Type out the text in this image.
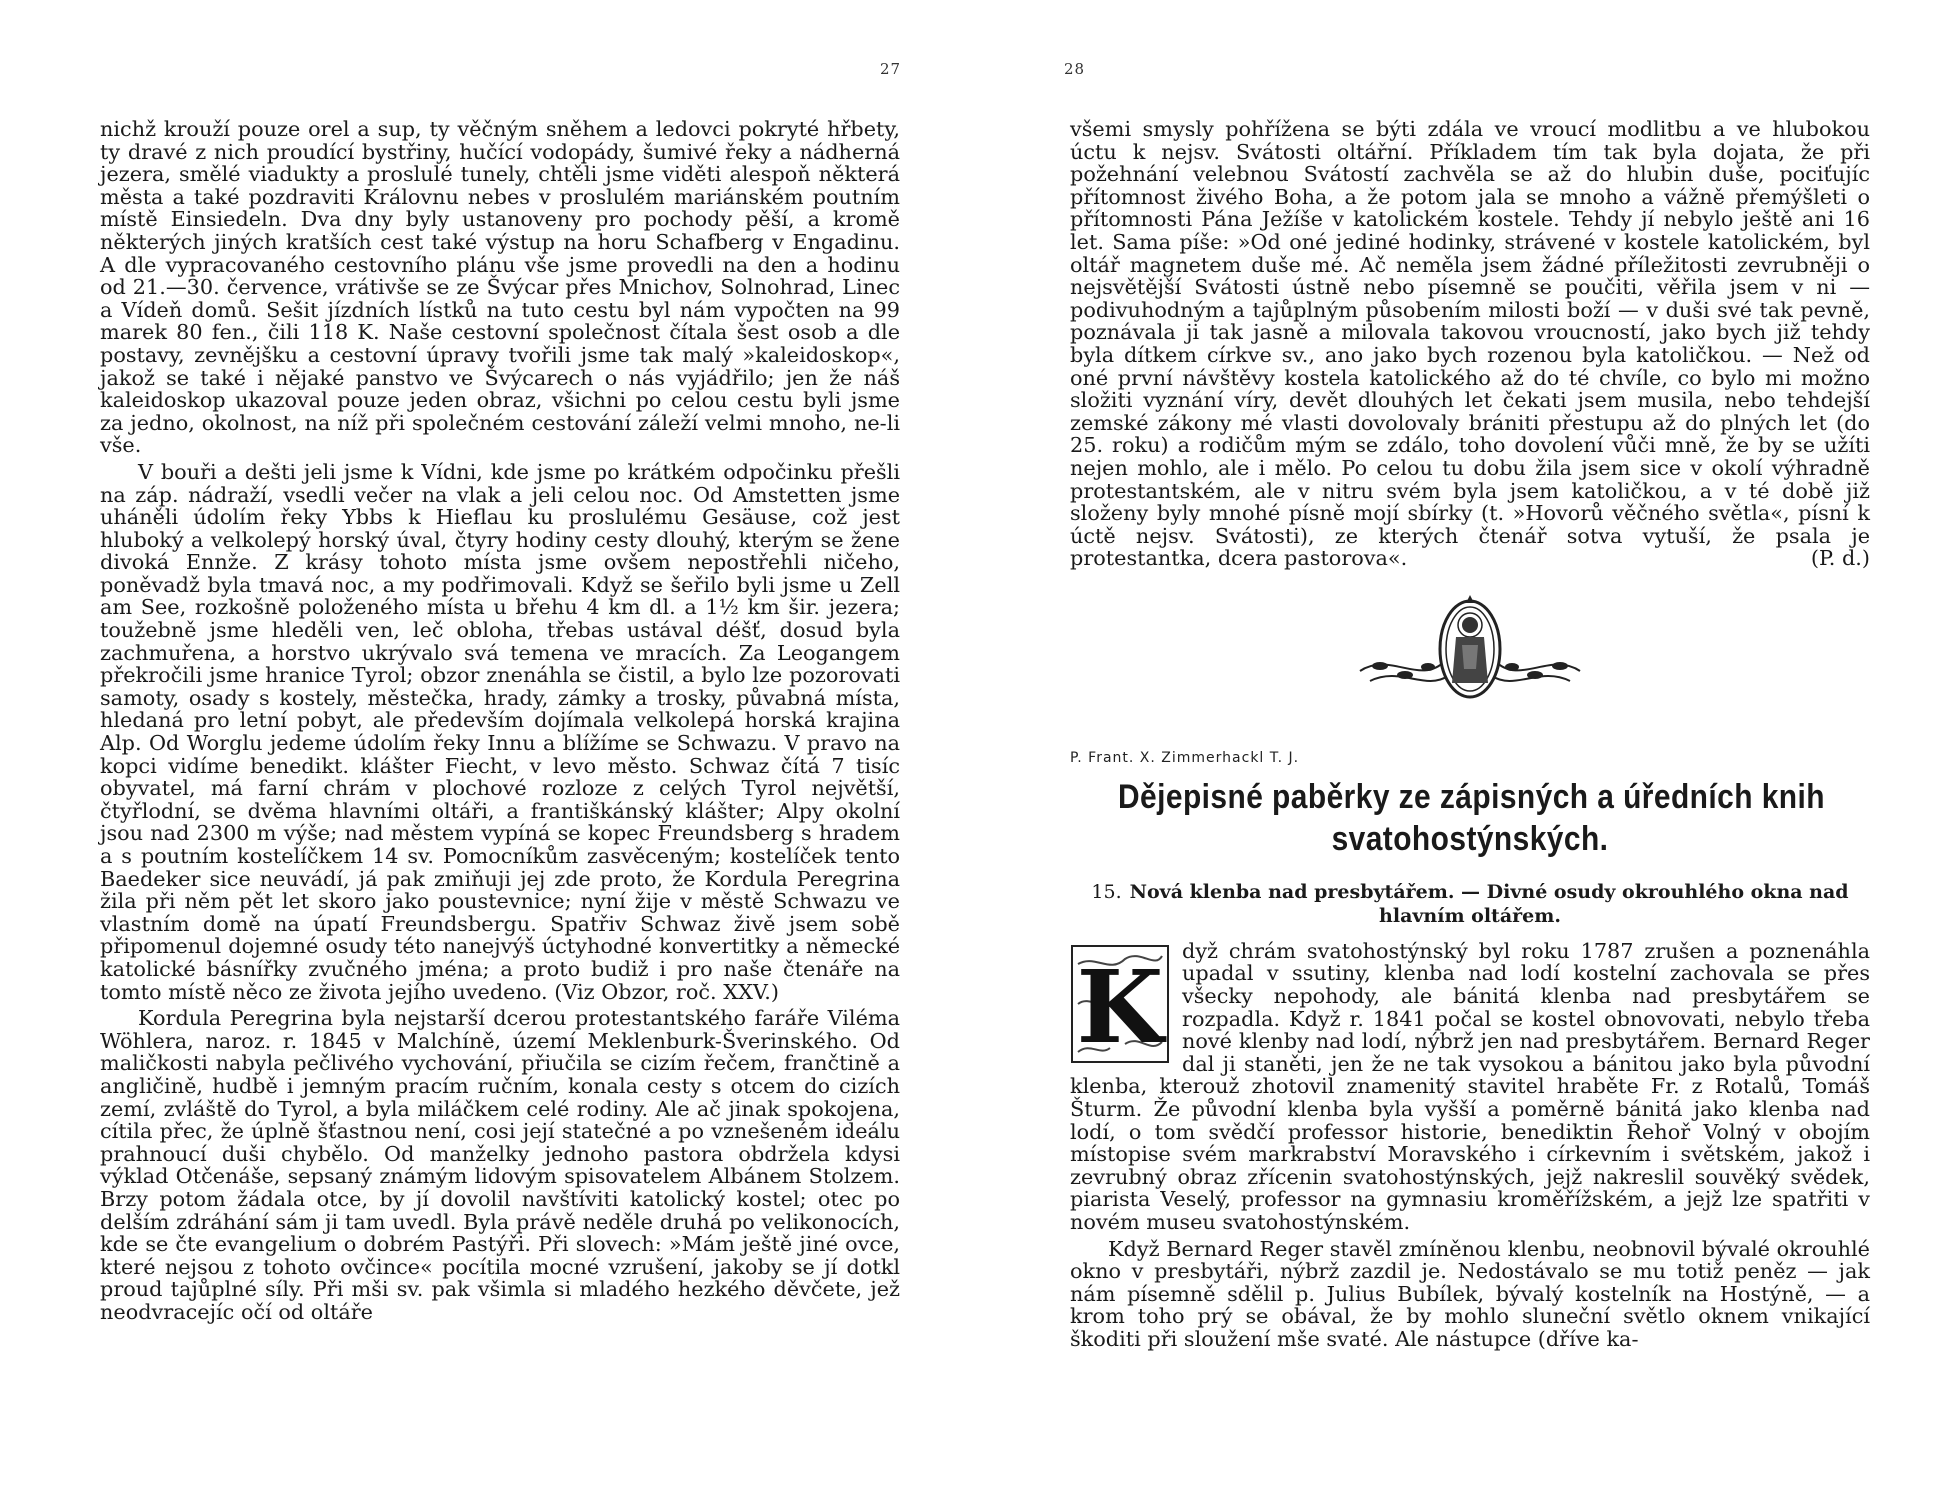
27

nichž krouží pouze orel a sup, ty věčným sněhem a ledovci pokryté hřbety, ty dravé z nich proudící bystřiny, hučící vodopády, šumivé řeky a nádherná jezera, smělé viadukty a proslulé tunely, chtěli jsme viděti alespoň některá města a také pozdraviti Královnu nebes v proslulém mariánském poutním místě Einsiedeln. Dva dny byly ustanoveny pro pochody pěší, a kromě některých jiných kratších cest také výstup na horu Schafberg v Engadinu. A dle vypracovaného cestovního plánu vše jsme provedli na den a hodinu od 21.—30. července, vrátivše se ze Švýcar přes Mnichov, Solnohrad, Linec a Vídeň domů. Sešit jízdních lístků na tuto cestu byl nám vypočten na 99 marek 80 fen., čili 118 K. Naše cestovní společnost čítala šest osob a dle postavy, zevnějšku a cestovní úpravy tvořili jsme tak malý »kaleidoskop«, jakož se také i nějaké panstvo ve Švýcarech o nás vyjádřilo; jen že náš kaleidoskop ukazoval pouze jeden obraz, všichni po celou cestu byli jsme za jedno, okolnost, na níž při společném cestování záleží velmi mnoho, ne-li vše.

V bouři a dešti jeli jsme k Vídni, kde jsme po krátkém odpočinku přešli na záp. nádraží, vsedli večer na vlak a jeli celou noc. Od Amstetten jsme uháněli údolím řeky Ybbs k Hieflau ku proslulému Gesäuse, což jest hluboký a velkolepý horský úval, čtyry hodiny cesty dlouhý, kterým se žene divoká Ennže. Z krásy tohoto místa jsme ovšem nepostřehli ničeho, poněvadž byla tmavá noc, a my podřimovali. Když se šeřilo byli jsme u Zell am See, rozkošně položeného místa u břehu 4 km dl. a 1½ km šir. jezera; toužebně jsme hleděli ven, leč obloha, třebas ustával déšť, dosud byla zachmuřena, a horstvo ukrývalo svá temena ve mracích. Za Leogangem překročili jsme hranice Tyrol; obzor znenáhla se čistil, a bylo lze pozorovati samoty, osady s kostely, městečka, hrady, zámky a trosky, půvabná místa, hledaná pro letní pobyt, ale především dojímala velkolepá horská krajina Alp. Od Worglu jedeme údolím řeky Innu a blížíme se Schwazu. V pravo na kopci vidíme benedikt. klášter Fiecht, v levo město. Schwaz čítá 7 tisíc obyvatel, má farní chrám v plochové rozloze z celých Tyrol největší, čtyřlodní, se dvěma hlavními oltáři, a františkánský klášter; Alpy okolní jsou nad 2300 m výše; nad městem vypíná se kopec Freundsberg s hradem a s poutním kostelíčkem 14 sv. Pomocníkům zasvěceným; kostelíček tento Baedeker sice neuvádí, já pak zmiňuji jej zde proto, že Kordula Peregrina žila při něm pět let skoro jako poustevnice; nyní žije v městě Schwazu ve vlastním domě na úpatí Freundsbergu. Spatřiv Schwaz živě jsem sobě připomenul dojemné osudy této nanejvýš úctyhodné konvertitky a německé katolické básnířky zvučného jména; a proto budiž i pro naše čtenáře na tomto místě něco ze života jejího uvedeno. (Viz Obzor, roč. XXV.)

Kordula Peregrina byla nejstarší dcerou protestantského faráře Viléma Wöhlera, naroz. r. 1845 v Malchíně, území Meklenburk-Šverinského. Od maličkosti nabyla pečlivého vychování, přiučila se cizím řečem, frančtině a angličině, hudbě i jemným pracím ručním, konala cesty s otcem do cizích zemí, zvláště do Tyrol, a byla miláčkem celé rodiny. Ale ač jinak spokojena, cítila přec, že úplně šťastnou není, cosi její statečné a po vznešeném ideálu prahnoucí duši chybělo. Od manželky jednoho pastora obdržela kdysi výklad Otčenáše, sepsaný známým lidovým spisovatelem Albánem Stolzem. Brzy potom žádala otce, by jí dovolil navštíviti katolický kostel; otec po delším zdráhání sám ji tam uvedl. Byla právě neděle druhá po velikonocích, kde se čte evangelium o dobrém Pastýři. Při slovech: »Mám ještě jiné ovce, které nejsou z tohoto ovčince« pocítila mocné vzrušení, jakoby se jí dotkl proud tajůplné síly. Při mši sv. pak všimla si mladého hezkého děvčete, jež neodvracejíc očí od oltáře

28

všemi smysly pohřížena se býti zdála ve vroucí modlitbu a ve hlubokou úctu k nejsv. Svátosti oltářní. Příkladem tím tak byla dojata, že při požehnání velebnou Svátostí zachvěla se až do hlubin duše, pociťujíc přítomnost živého Boha, a že potom jala se mnoho a vážně přemýšleti o přítomnosti Pána Ježíše v katolickém kostele. Tehdy jí nebylo ještě ani 16 let. Sama píše: »Od oné jediné hodinky, strávené v kostele katolickém, byl oltář magnetem duše mé. Ač neměla jsem žádné příležitosti zevrubněji o nejsvětější Svátosti ústně nebo písemně se poučiti, věřila jsem v ni — podivuhodným a tajůplným působením milosti boží — v duši své tak pevně, poznávala ji tak jasně a milovala takovou vroucností, jako bych již tehdy byla dítkem církve sv., ano jako bych rozenou byla katoličkou. — Než od oné první návštěvy kostela katolického až do té chvíle, co bylo mi možno složiti vyznání víry, devět dlouhých let čekati jsem musila, nebo tehdejší zemské zákony mé vlasti dovolovaly brániti přestupu až do plných let (do 25. roku) a rodičům mým se zdálo, toho dovolení vůči mně, že by se užíti nejen mohlo, ale i mělo. Po celou tu dobu žila jsem sice v okolí výhradně protestantském, ale v nitru svém byla jsem katoličkou, a v té době již složeny byly mnohé písně mojí sbírky (t. »Hovorů věčného světla«, písní k úctě nejsv. Svátosti), ze kterých čtenář sotva vytuší, že psala je protestantka, dcera pastorova«.	(P. d.)

P. Frant. X. Zimmerhackl T. J.
Dějepisné paběrky ze zápisných a úředních knih
svatohostýnských.
15. Nová klenba nad presbytářem. — Divné osudy okrouhlého okna nad hlavním oltářem.
K dyž chrám svatohostýnský byl roku 1787 zrušen a poznenáhla upadal v ssutiny, klenba nad lodí kostelní zachovala se přes všecky nepohody, ale bánitá klenba nad presbytářem se rozpadla. Když r. 1841 počal se kostel obnovovati, nebylo třeba nové klenby nad lodí, nýbrž jen nad presbytářem. Bernard Reger dal ji staněti, jen že ne tak vysokou a bánitou jako byla původní klenba, kterouž zhotovil znamenitý stavitel hraběte Fr. z Rotalů, Tomáš Šturm. Že původní klenba byla vyšší a poměrně bánitá jako klenba nad lodí, o tom svědčí professor historie, benediktin Řehoř Volný v obojím místopise svém markrabství Moravského i církevním i světském, jakož i zevrubný obraz zřícenin svatohostýnských, jejž nakreslil souvěký svědek, piarista Veselý, professor na gymnasiu kroměřížském, a jejž lze spatřiti v novém museu svatohostýnském.

Když Bernard Reger stavěl zmíněnou klenbu, neobnovil bývalé okrouhlé okno v presbytáři, nýbrž zazdil je. Nedostávalo se mu totiž peněz — jak nám písemně sdělil p. Julius Bubílek, bývalý kostelník na Hostýně, — a krom toho prý se obával, že by mohlo sluneční světlo oknem vnikající škoditi při sloužení mše svaté. Ale nástupce (dříve ka-
